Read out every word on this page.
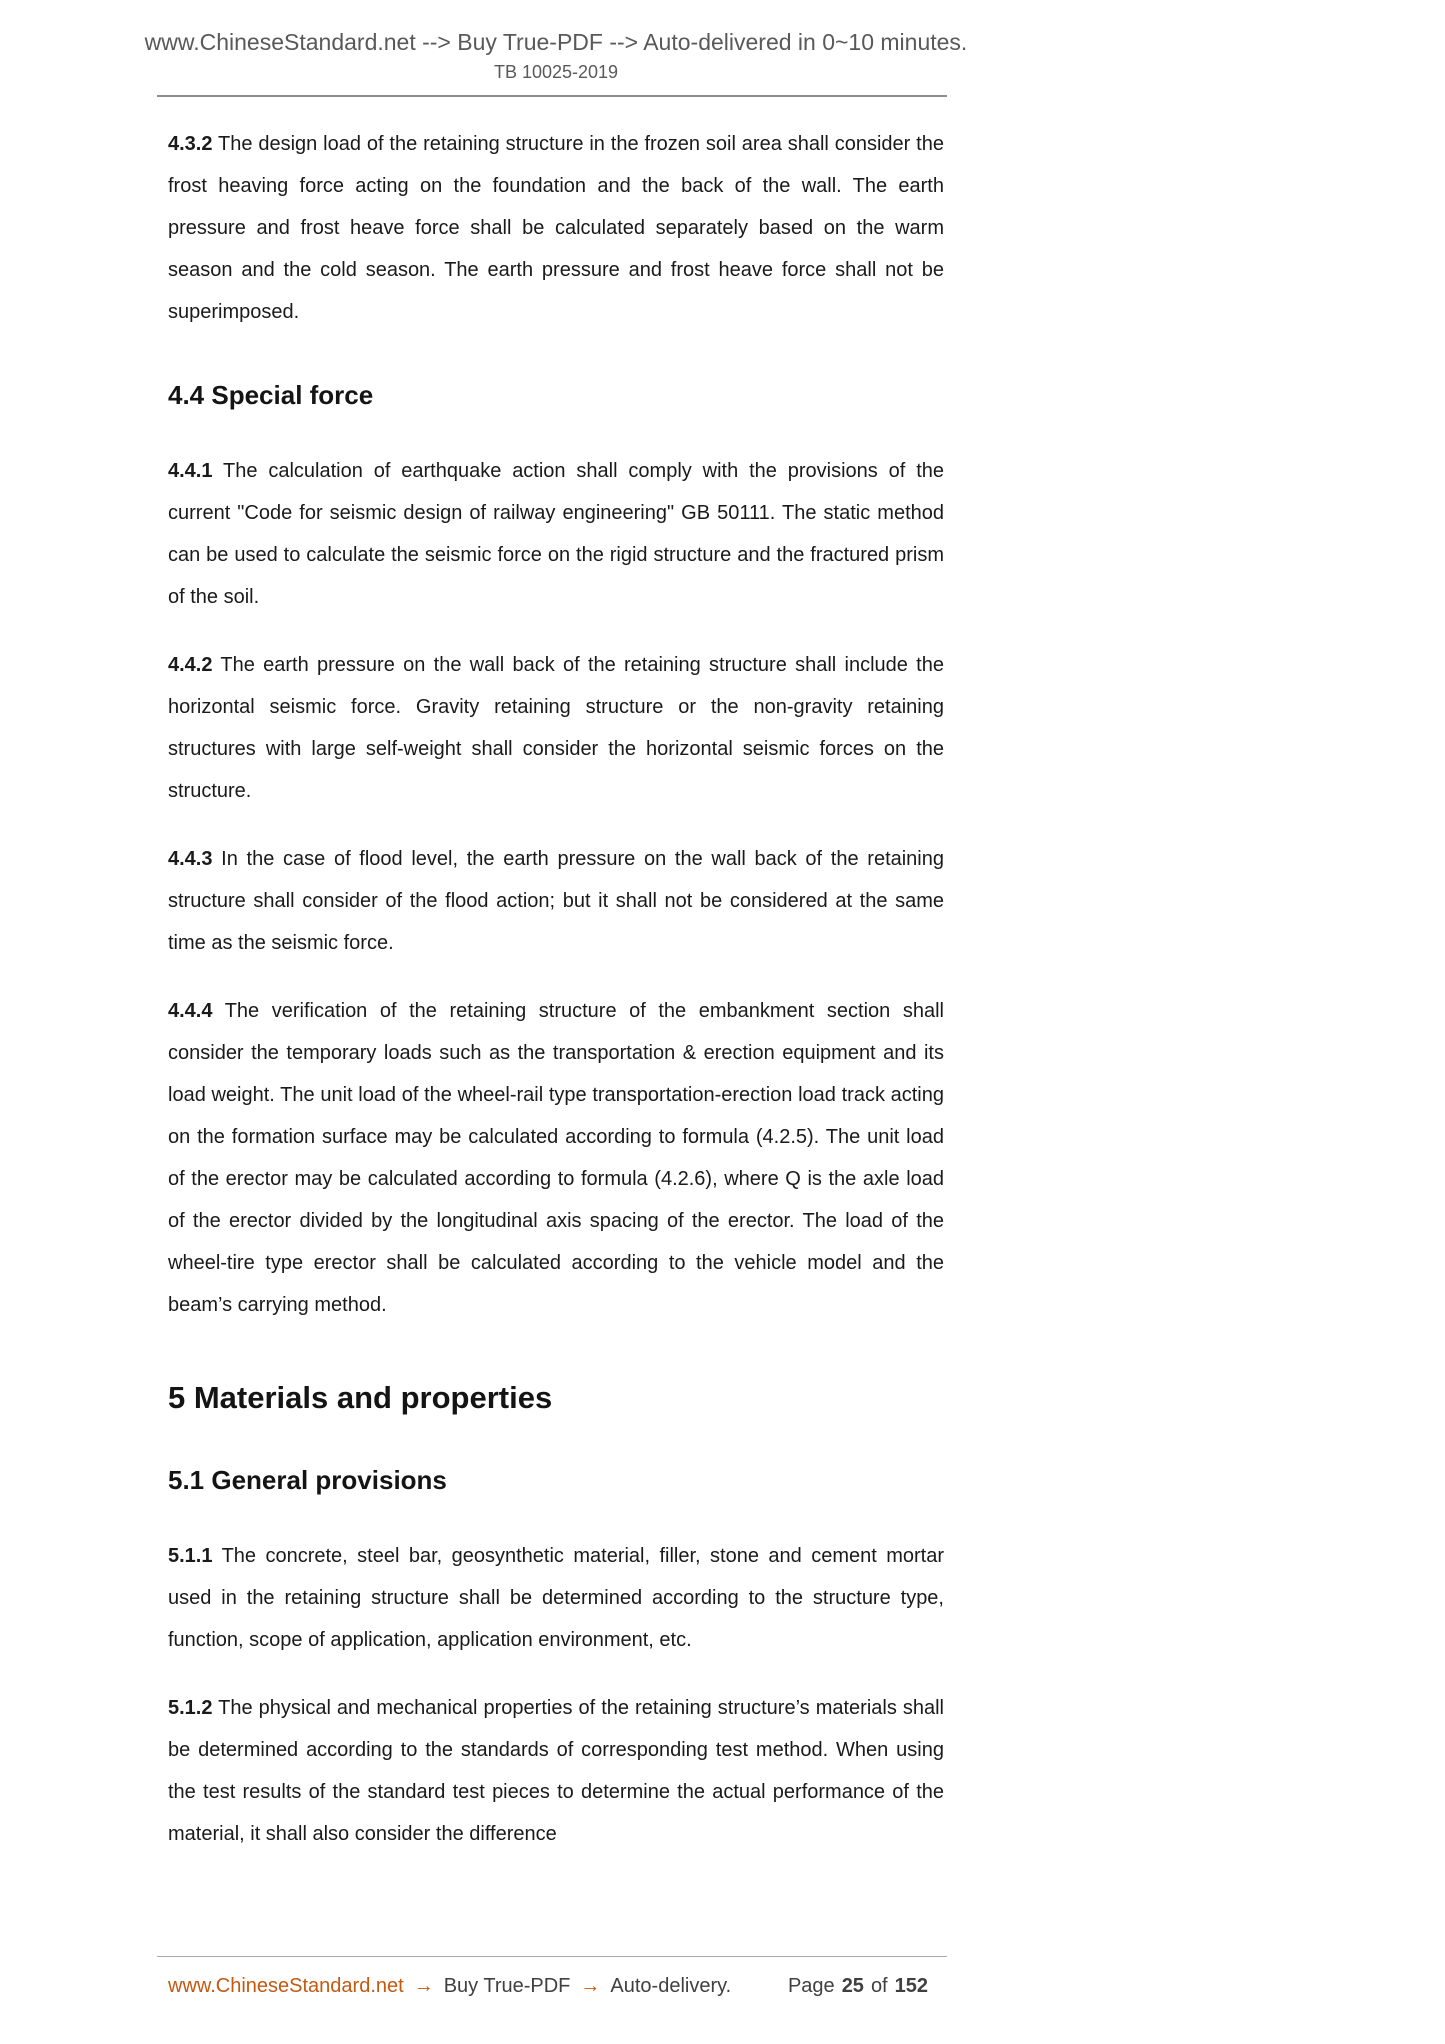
www.ChineseStandard.net --> Buy True-PDF --> Auto-delivered in 0~10 minutes.
TB 10025-2019

4.3.2 The design load of the retaining structure in the frozen soil area shall consider the frost heaving force acting on the foundation and the back of the wall. The earth pressure and frost heave force shall be calculated separately based on the warm season and the cold season. The earth pressure and frost heave force shall not be superimposed.

4.4 Special force

4.4.1 The calculation of earthquake action shall comply with the provisions of the current "Code for seismic design of railway engineering" GB 50111. The static method can be used to calculate the seismic force on the rigid structure and the fractured prism of the soil.

4.4.2 The earth pressure on the wall back of the retaining structure shall include the horizontal seismic force. Gravity retaining structure or the non-gravity retaining structures with large self-weight shall consider the horizontal seismic forces on the structure.

4.4.3 In the case of flood level, the earth pressure on the wall back of the retaining structure shall consider of the flood action; but it shall not be considered at the same time as the seismic force.

4.4.4 The verification of the retaining structure of the embankment section shall consider the temporary loads such as the transportation & erection equipment and its load weight. The unit load of the wheel-rail type transportation-erection load track acting on the formation surface may be calculated according to formula (4.2.5). The unit load of the erector may be calculated according to formula (4.2.6), where Q is the axle load of the erector divided by the longitudinal axis spacing of the erector. The load of the wheel-tire type erector shall be calculated according to the vehicle model and the beam’s carrying method.

5 Materials and properties
5.1 General provisions

5.1.1 The concrete, steel bar, geosynthetic material, filler, stone and cement mortar used in the retaining structure shall be determined according to the structure type, function, scope of application, application environment, etc.

5.1.2 The physical and mechanical properties of the retaining structure’s materials shall be determined according to the standards of corresponding test method. When using the test results of the standard test pieces to determine the actual performance of the material, it shall also consider the difference

www.ChineseStandard.net → Buy True-PDF → Auto-delivery.	Page 25 of 152
